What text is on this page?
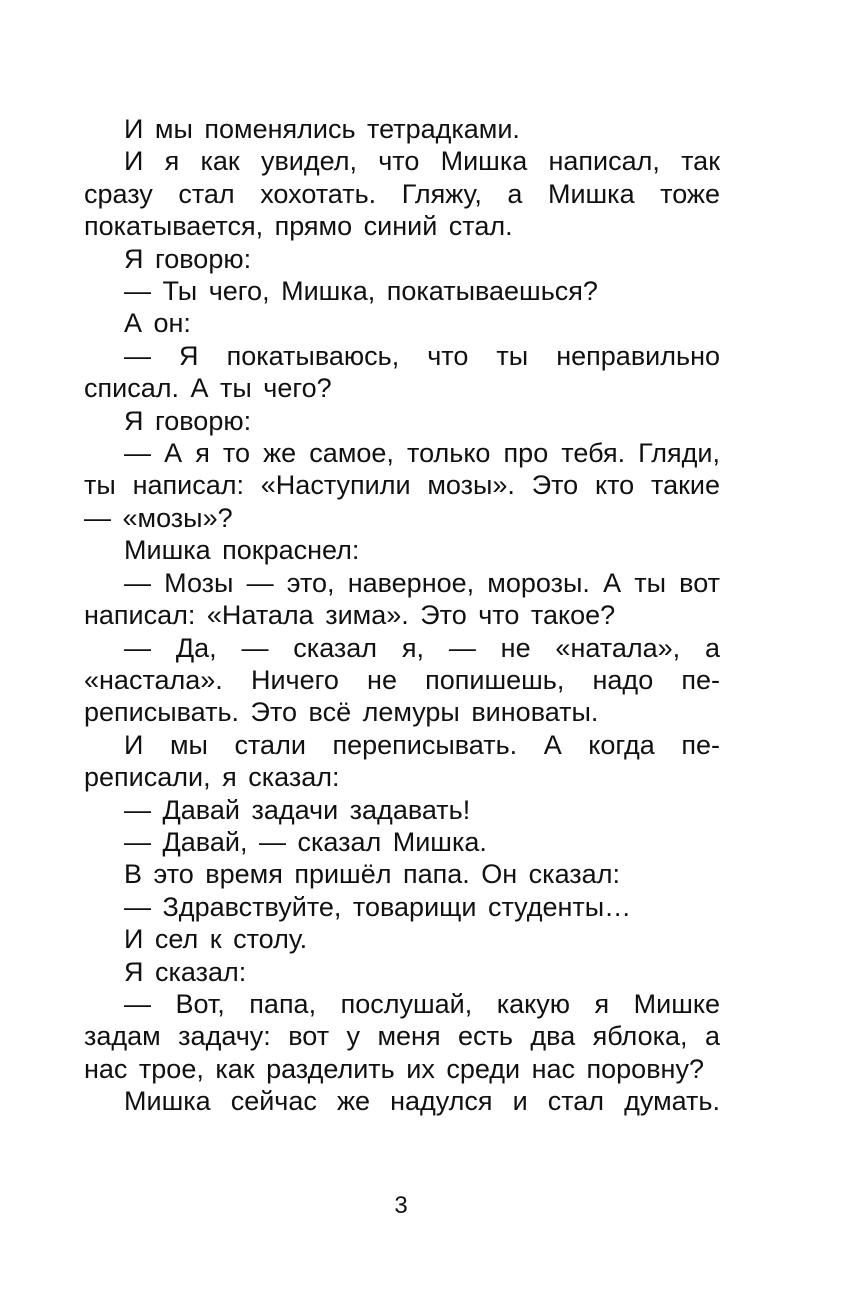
И мы поменялись тетрадками.

И я как увидел, что Мишка написал, так сразу стал хохотать. Гляжу, а Мишка тоже покатывается, прямо синий стал.

Я говорю:

— Ты чего, Мишка, покатываешься?

А он:

— Я покатываюсь, что ты неправильно списал. А ты чего?

Я говорю:

— А я то же самое, только про тебя. Гляди, ты написал: «Наступили мозы». Это кто такие — «мозы»?

Мишка покраснел:

— Мозы — это, наверное, морозы. А ты вот написал: «Натала зима». Это что такое?

— Да, — сказал я, — не «натала», а «настала». Ничего не попишешь, надо переписывать. Это всё лемуры виноваты.

И мы стали переписывать. А когда переписали, я сказал:

— Давай задачи задавать!

— Давай, — сказал Мишка.

В это время пришёл папа. Он сказал:

— Здравствуйте, товарищи студенты…

И сел к столу.

Я сказал:

— Вот, папа, послушай, какую я Мишке задам задачу: вот у меня есть два яблока, а нас трое, как разделить их среди нас поровну?

Мишка сейчас же надулся и стал думать.

3
